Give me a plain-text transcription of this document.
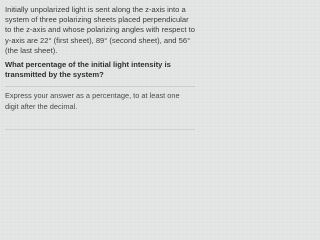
Initially unpolarized light is sent along the z-axis into a system of three polarizing sheets placed perpendicular to the z-axis and whose polarizing angles with respect to y-axis are 22° (first sheet), 89° (second sheet), and 56° (the last sheet).

What percentage of the initial light intensity is transmitted by the system?

Express your answer as a percentage, to at least one digit after the decimal.
